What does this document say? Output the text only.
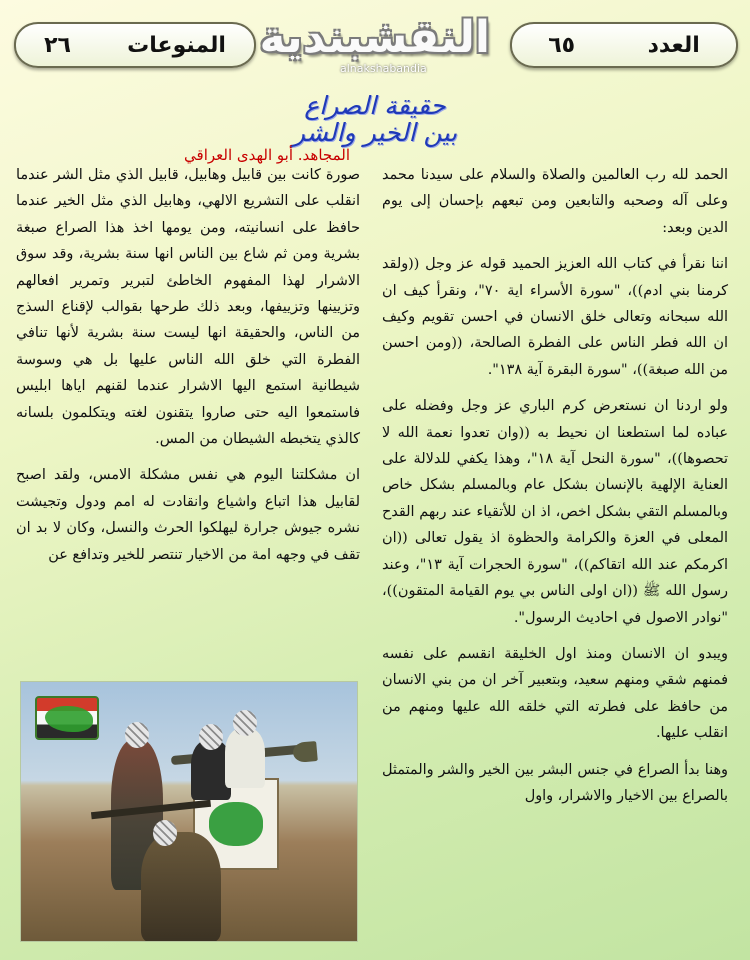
المنوعات
٢٦	النقشبندية
alnakshabandia
العدد
٦٥
حقيقة الصراع
بين الخير والشر
المجاهد. أبو الهدى العراقي

الحمد لله رب العالمين والصلاة والسلام على سيدنا محمد وعلى آله وصحبه والتابعين ومن تبعهم بإحسان إلى يوم الدين وبعد:

اننا نقرأ في كتاب الله العزيز الحميد قوله عز وجل ((ولقد كرمنا بني ادم))، "سورة الأسراء اية ٧٠"، ونقرأ كيف ان الله سبحانه وتعالى خلق الانسان في احسن تقويم وكيف ان الله فطر الناس على الفطرة الصالحة، ((ومن احسن من الله صبغة))، "سورة البقرة آية ١٣٨".

ولو اردنا ان نستعرض كرم الباري عز وجل وفضله على عباده لما استطعنا ان نحيط به ((وان تعدوا نعمة الله لا تحصوها))، "سورة النحل آية ١٨"، وهذا يكفي للدلالة على العناية الإلهية بالإنسان بشكل عام وبالمسلم بشكل خاص وبالمسلم التقي بشكل اخص، اذ ان للأتقياء عند ربهم القدح المعلى في العزة والكرامة والحظوة اذ يقول تعالى ((ان اكرمكم عند الله اتقاكم))، "سورة الحجرات آية ١٣"، وعند رسول الله ﷺ ((ان اولى الناس بي يوم القيامة المتقون))، "نوادر الاصول في احاديث الرسول".

ويبدو ان الانسان ومنذ اول الخليقة انقسم على نفسه فمنهم شقي ومنهم سعيد، وبتعبير آخر ان من بني الانسان من حافظ على فطرته التي خلقه الله عليها ومنهم من انقلب عليها.

وهنا بدأ الصراع في جنس البشر بين الخير والشر والمتمثل بالصراع بين الاخيار والاشرار، واول

صورة كانت بين قابيل وهابيل، قابيل الذي مثل الشر عندما انقلب على التشريع الالهي، وهابيل الذي مثل الخير عندما حافظ على انسانيته، ومن يومها اخذ هذا الصراع صبغة بشرية ومن ثم شاع بين الناس انها سنة بشرية، وقد سوق الاشرار لهذا المفهوم الخاطئ لتبرير وتمرير افعالهم وتزيينها وتزييفها، وبعد ذلك طرحها بقوالب لإقناع السذج من الناس، والحقيقة انها ليست سنة بشرية لأنها تنافي الفطرة التي خلق الله الناس عليها بل هي وسوسة شيطانية استمع اليها الاشرار عندما لقنهم اياها ابليس فاستمعوا اليه حتى صاروا يتقنون لغته ويتكلمون بلسانه كالذي يتخبطه الشيطان من المس.

ان مشكلتنا اليوم هي نفس مشكلة الامس، ولقد اصبح لقابيل هذا اتباع واشياع وانقادت له امم ودول وتجيشت نشره جيوش جرارة ليهلكوا الحرث والنسل، وكان لا بد ان تقف في وجهه امة من الاخيار تنتصر للخير وتدافع عن
